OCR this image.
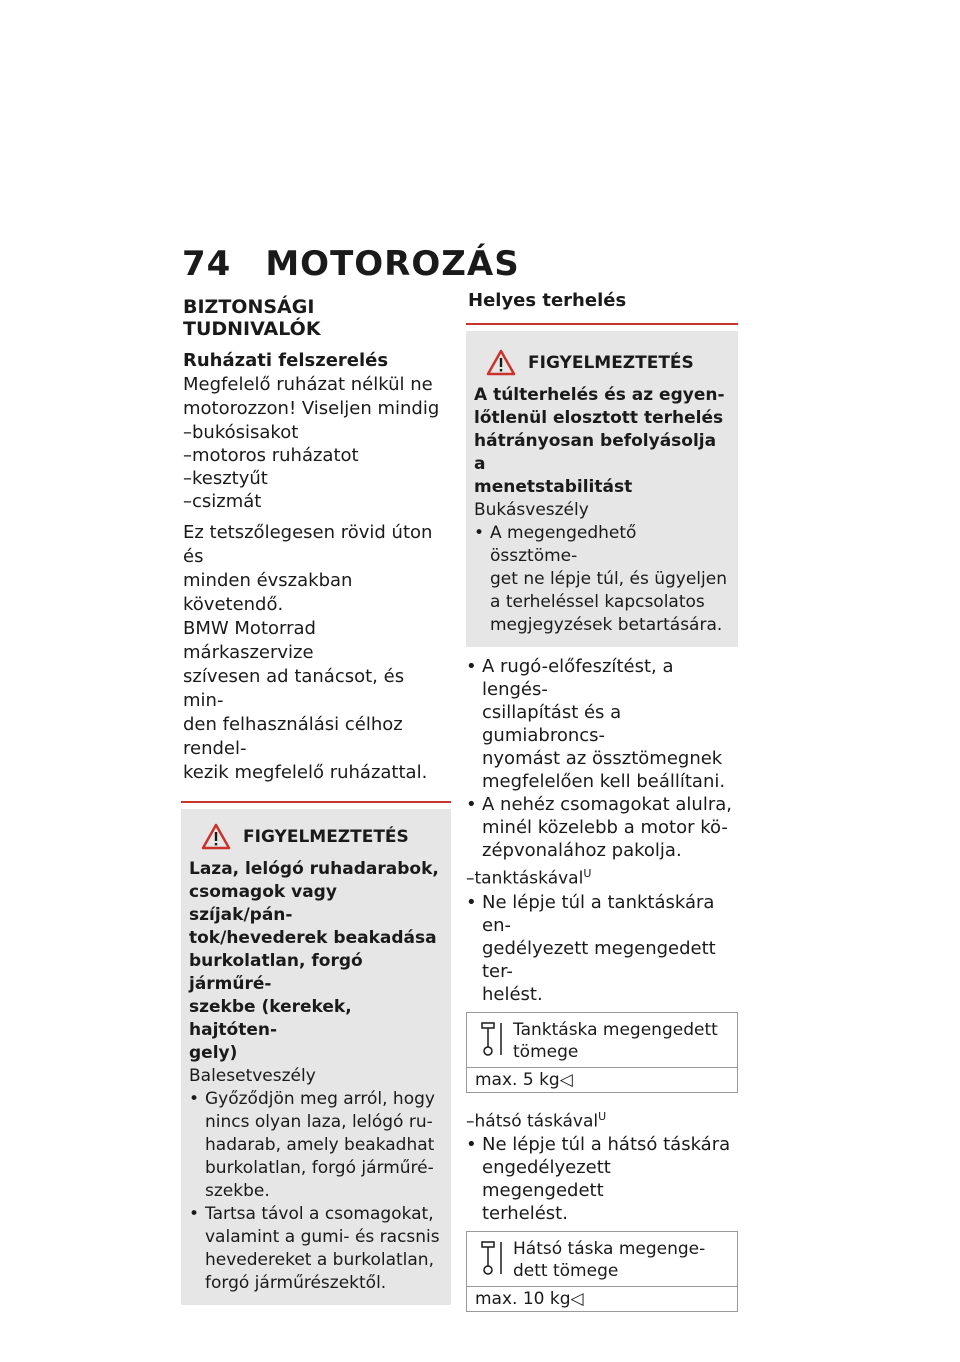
74 MOTOROZÁS
BIZTONSÁGI TUDNIVALÓK
Ruházati felszerelés
Megfelelő ruházat nélkül ne
motorozzon! Viseljen mindig
–bukósisakot
–motoros ruházatot
–kesztyűt
–csizmát
Ez tetszőlegesen rövid úton és
minden évszakban követendő.
BMW Motorrad márkaszervize
szívesen ad tanácsot, és min-
den felhasználási célhoz rendel-
kezik megfelelő ruházattal.
FIGYELMEZTETÉS
Laza, lelógó ruhadarabok,
csomagok vagy szíjak/pán-
tok/hevederek beakadása
burkolatlan, forgó járműré-
szekbe (kerekek, hajtóten-
gely)
Balesetveszély
• Győződjön meg arról, hogy
nincs olyan laza, lelógó ru-
hadarab, amely beakadhat
burkolatlan, forgó járműré-
szekbe.
• Tartsa távol a csomagokat,
valamint a gumi- és racsnis
hevedereket a burkolatlan,
forgó járműrészektől.
Helyes terhelés
FIGYELMEZTETÉS
A túlterhelés és az egyen-
lőtlenül elosztott terhelés
hátrányosan befolyásolja a
menetstabilitást
Bukásveszély
• A megengedhető össztöme-
get ne lépje túl, és ügyeljen
a terheléssel kapcsolatos
megjegyzések betartására.
• A rugó-előfeszítést, a lengés-
csillapítást és a gumiabroncs-
nyomást az össztömegnek
megfelelően kell beállítani.
• A nehéz csomagokat alulra,
minél közelebb a motor kö-
zépvonalához pakolja.
–tanktáskával$^U$
• Ne lépje túl a tanktáskára en-
gedélyezett megengedett ter-
helést.
Tanktáska megengedett
tömege
max. 5 kg◁
–hátsó táskával$^U$
• Ne lépje túl a hátsó táskára
engedélyezett megengedett
terhelést.
Hátsó táska megenge-
dett tömege
max. 10 kg◁
